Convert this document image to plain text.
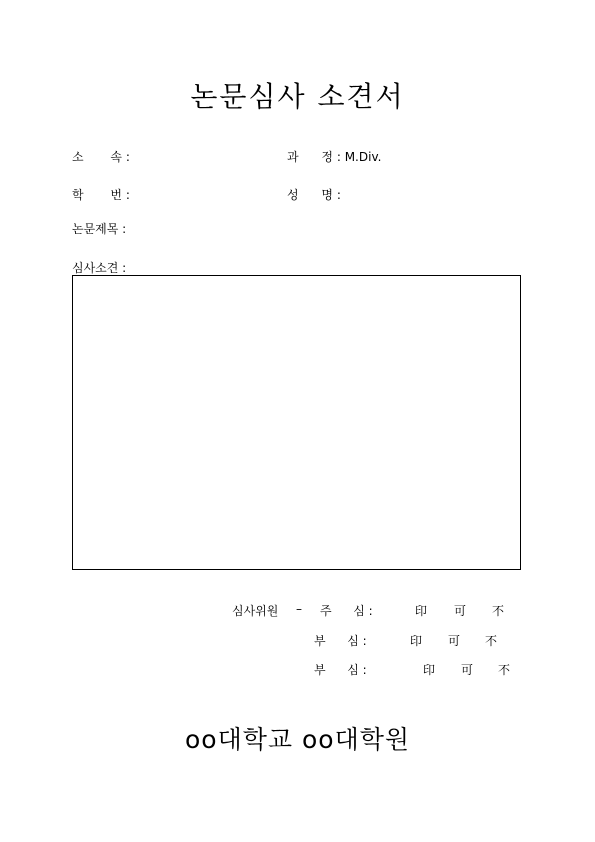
논문심사 소견서
소 속 :	과 정 : M.Div.
학 번 :	성 명 :
논문제목 :
심사소견 :
심사위원 – 주 심 :	印 可 不
부 심 :	印 可 不
부 심 :	印 可 不
oo대학교 oo대학원
